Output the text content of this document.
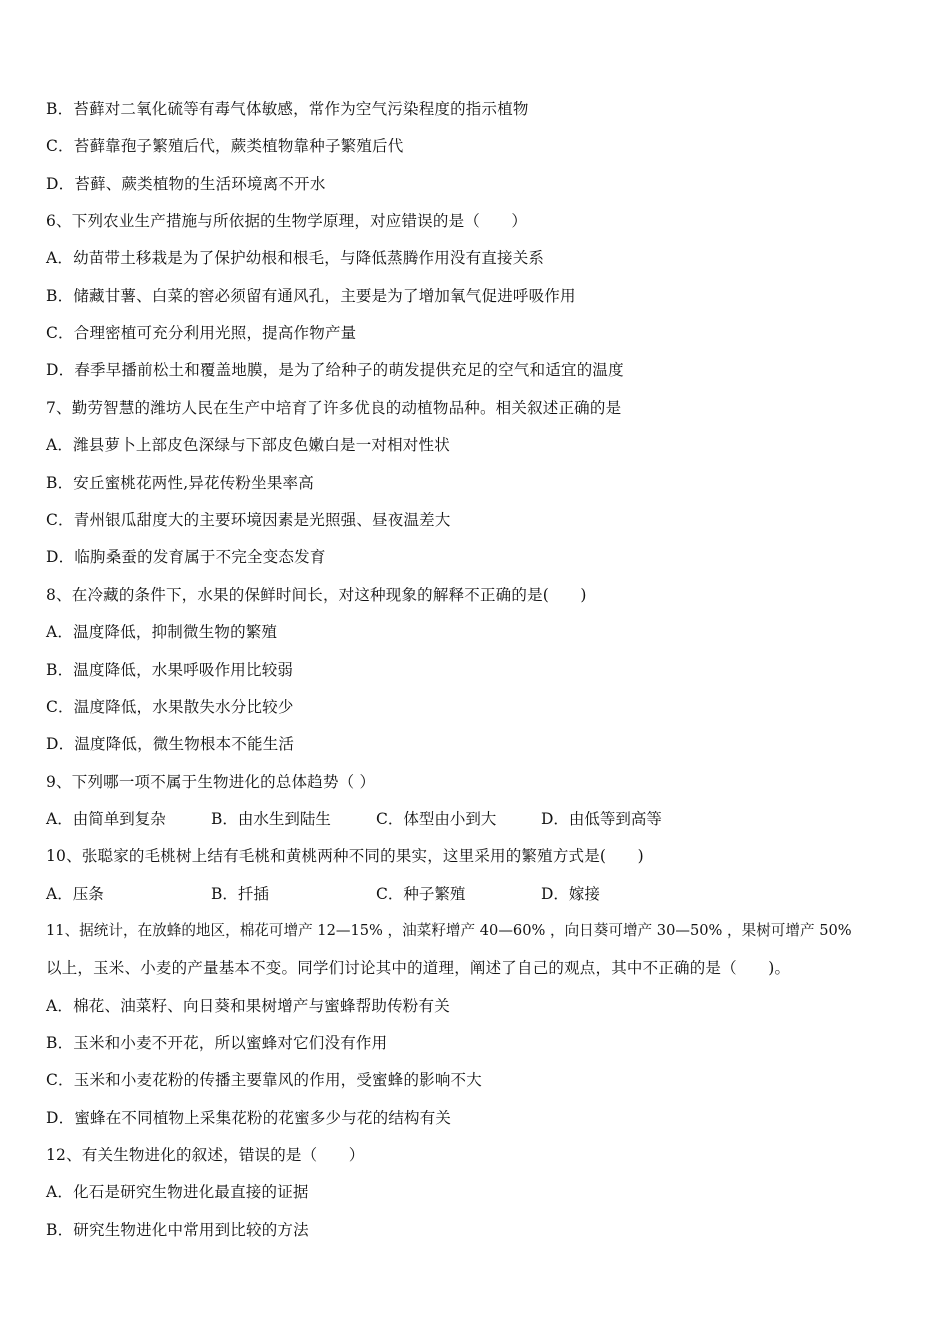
B．苔藓对二氧化硫等有毒气体敏感，常作为空气污染程度的指示植物
C．苔藓靠孢子繁殖后代，蕨类植物靠种子繁殖后代
D．苔藓、蕨类植物的生活环境离不开水
6、下列农业生产措施与所依据的生物学原理，对应错误的是（　　）
A．幼苗带土移栽是为了保护幼根和根毛，与降低蒸腾作用没有直接关系
B．储藏甘薯、白菜的窖必须留有通风孔，主要是为了增加氧气促进呼吸作用
C．合理密植可充分利用光照，提高作物产量
D．春季早播前松土和覆盖地膜，是为了给种子的萌发提供充足的空气和适宜的温度
7、勤劳智慧的潍坊人民在生产中培育了许多优良的动植物品种。相关叙述正确的是
A．潍县萝卜上部皮色深绿与下部皮色嫩白是一对相对性状
B．安丘蜜桃花两性,异花传粉坐果率高
C．青州银瓜甜度大的主要环境因素是光照强、昼夜温差大
D．临朐桑蚕的发育属于不完全变态发育
8、在冷藏的条件下，水果的保鲜时间长，对这种现象的解释不正确的是(　　)
A．温度降低，抑制微生物的繁殖
B．温度降低，水果呼吸作用比较弱
C．温度降低，水果散失水分比较少
D．温度降低，微生物根本不能生活
9、下列哪一项不属于生物进化的总体趋势（ ）

A．由简单到复杂

	B．由水生到陆生

	C．体型由小到大

	D．由低等到高等

10、张聪家的毛桃树上结有毛桃和黄桃两种不同的果实，这里采用的繁殖方式是(　　)

A．压条

	B．扦插

	C．种子繁殖

	D．嫁接

11、据统计，在放蜂的地区，棉花可增产 12—15% ，油菜籽增产 40—60% ，向日葵可增产 30—50% ，果树可增产 50%
以上，玉米、小麦的产量基本不变。同学们讨论其中的道理，阐述了自己的观点，其中不正确的是（　　)。
A．棉花、油菜籽、向日葵和果树增产与蜜蜂帮助传粉有关
B．玉米和小麦不开花，所以蜜蜂对它们没有作用
C．玉米和小麦花粉的传播主要靠风的作用，受蜜蜂的影响不大
D．蜜蜂在不同植物上采集花粉的花蜜多少与花的结构有关
12、有关生物进化的叙述，错误的是（　　）
A．化石是研究生物进化最直接的证据
B．研究生物进化中常用到比较的方法
